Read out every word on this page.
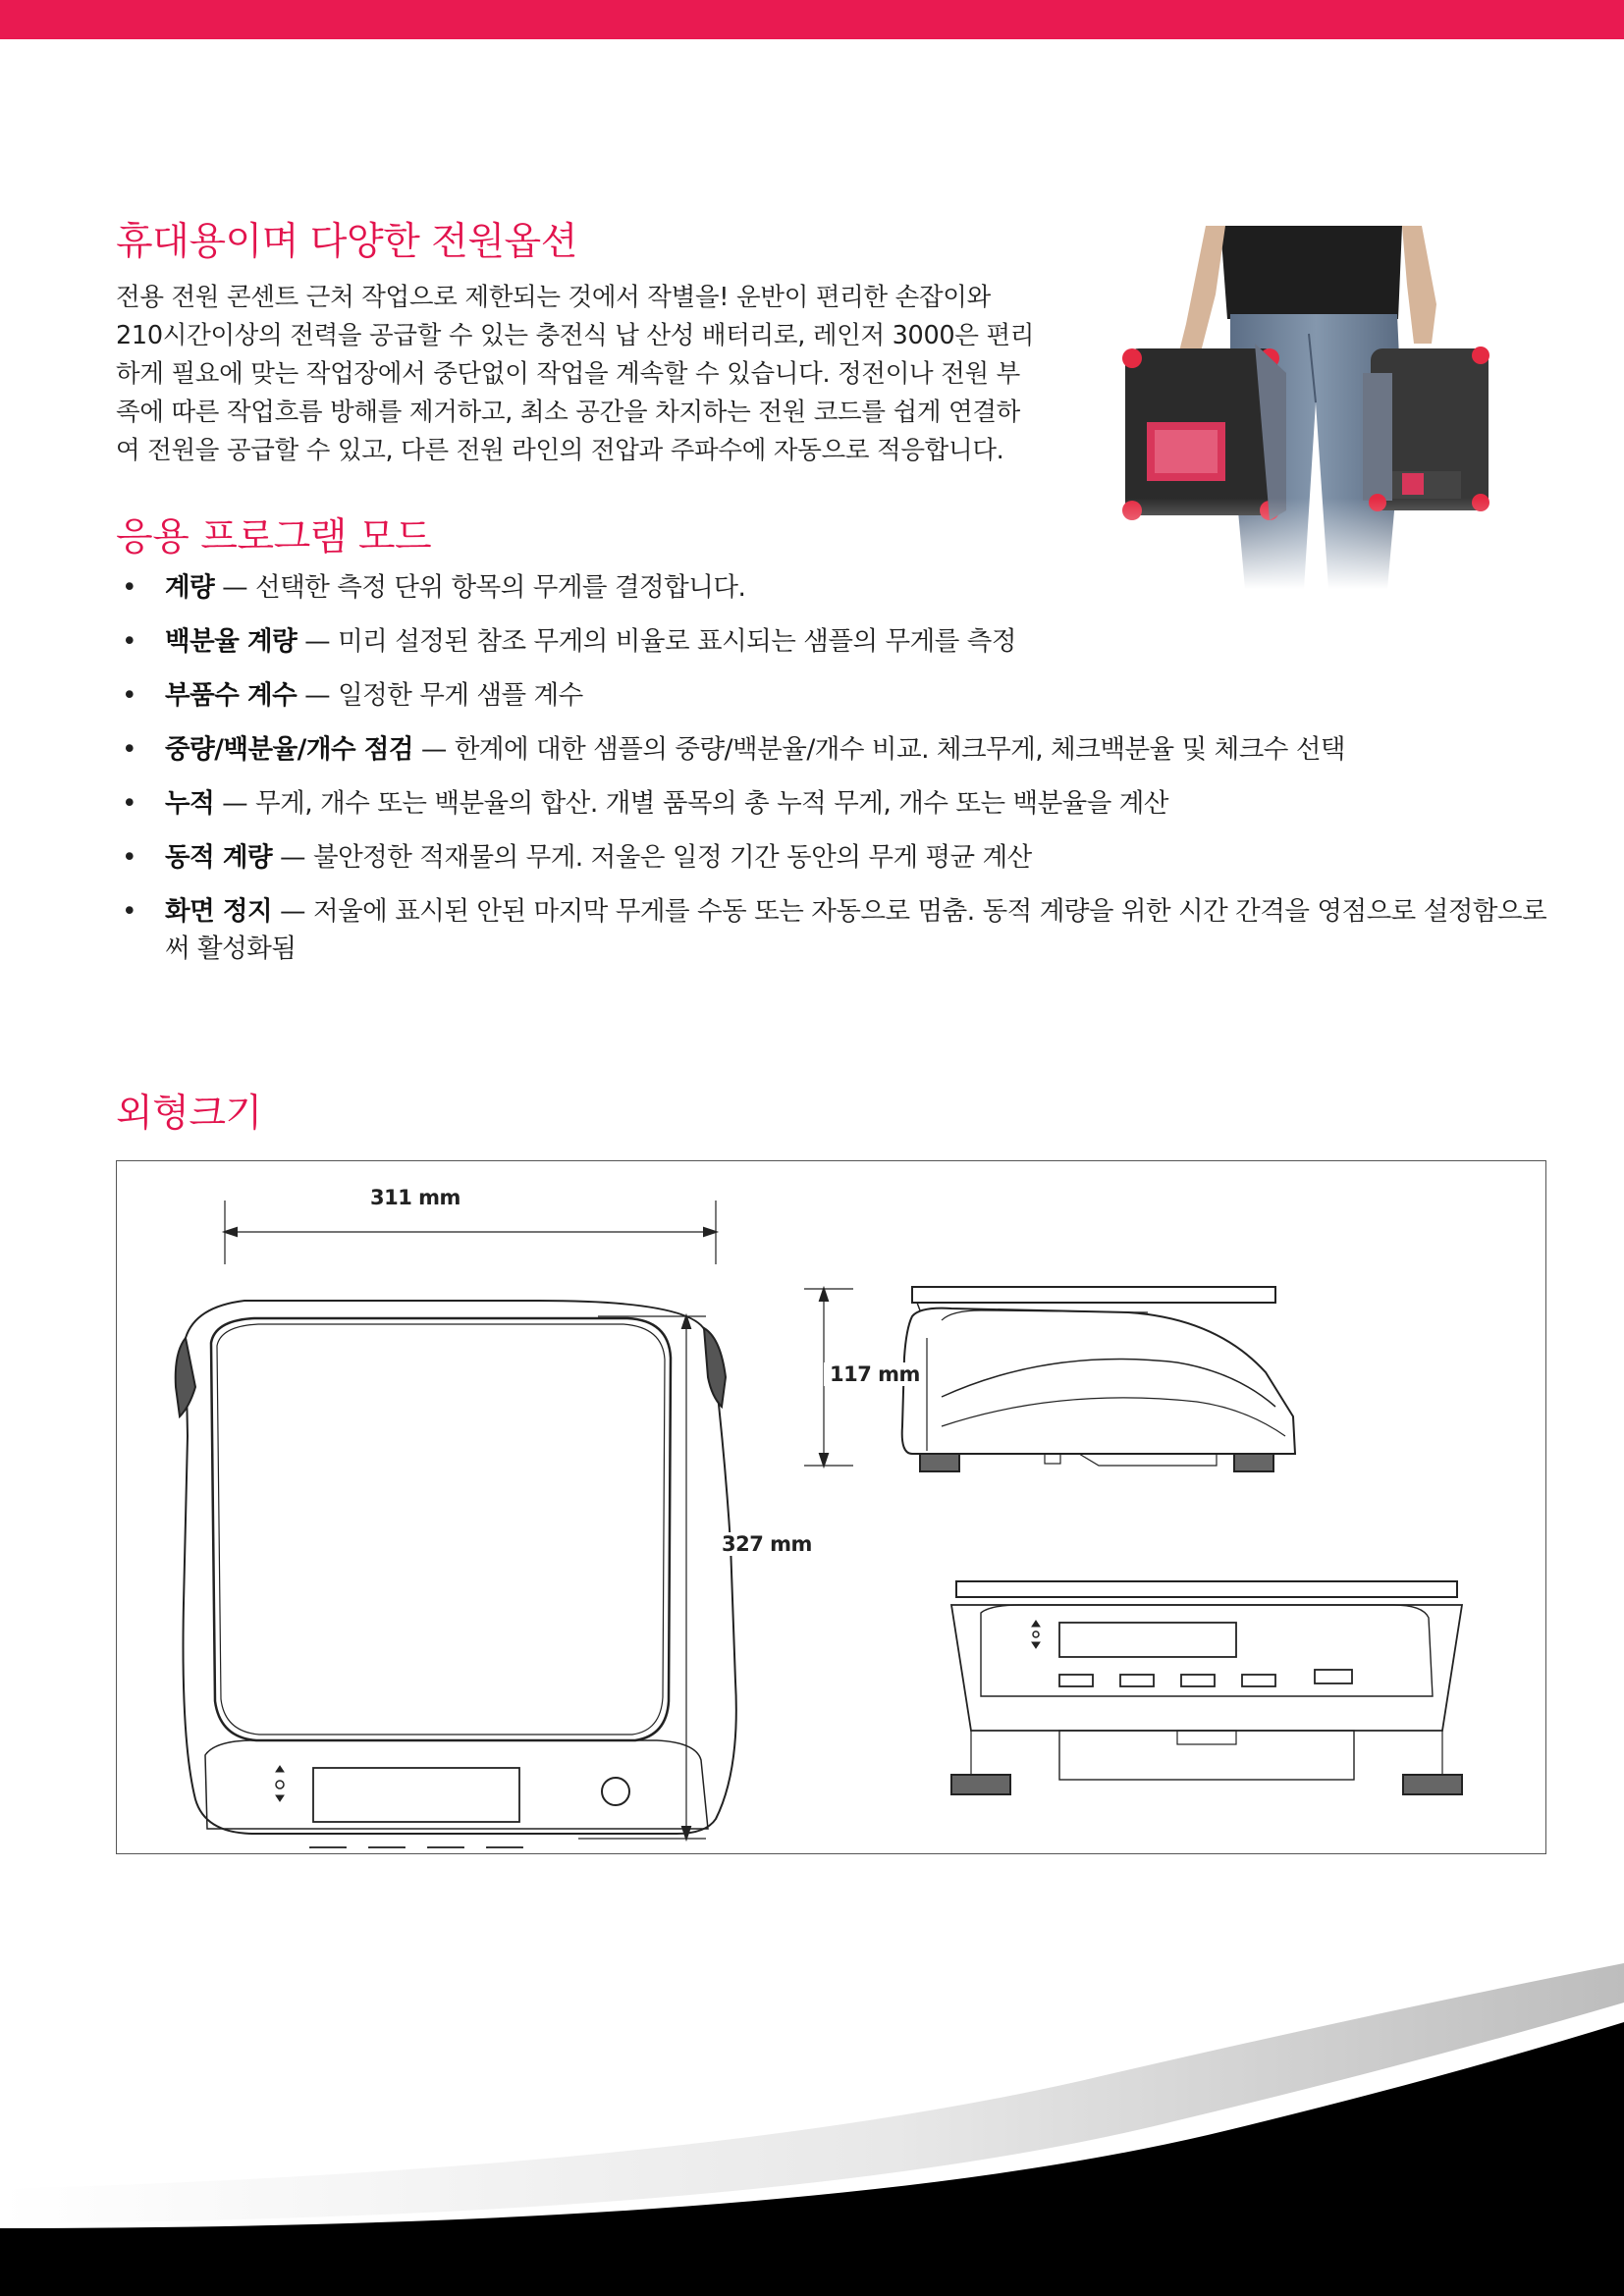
휴대용이며 다양한 전원옵션

전용 전원 콘센트 근처 작업으로 제한되는 것에서 작별을! 운반이 편리한 손잡이와 210시간이상의 전력을 공급할 수 있는 충전식 납 산성 배터리로, 레인저 3000은 편리하게 필요에 맞는 작업장에서 중단없이 작업을 계속할 수 있습니다. 정전이나 전원 부족에 따른 작업흐름 방해를 제거하고, 최소 공간을 차지하는 전원 코드를 쉽게 연결하여 전원을 공급할 수 있고, 다른 전원 라인의 전압과 주파수에 자동으로 적응합니다.

응용 프로그램 모드
• 계량 — 선택한 측정 단위 항목의 무게를 결정합니다.
• 백분율 계량 — 미리 설정된 참조 무게의 비율로 표시되는 샘플의 무게를 측정
• 부품수 계수 — 일정한 무게 샘플 계수
• 중량/백분율/개수 점검 — 한계에 대한 샘플의 중량/백분율/개수 비교. 체크무게, 체크백분율 및 체크수 선택
• 누적 — 무게, 개수 또는 백분율의 합산. 개별 품목의 총 누적 무게, 개수 또는 백분율을 계산
• 동적 계량 — 불안정한 적재물의 무게. 저울은 일정 기간 동안의 무게 평균 계산
• 화면 정지 — 저울에 표시된 안된 마지막 무게를 수동 또는 자동으로 멈춤. 동적 계량을 위한 시간 간격을 영점으로 설정함으로써 활성화됨
외형크기
311 mm
327 mm
117 mm
